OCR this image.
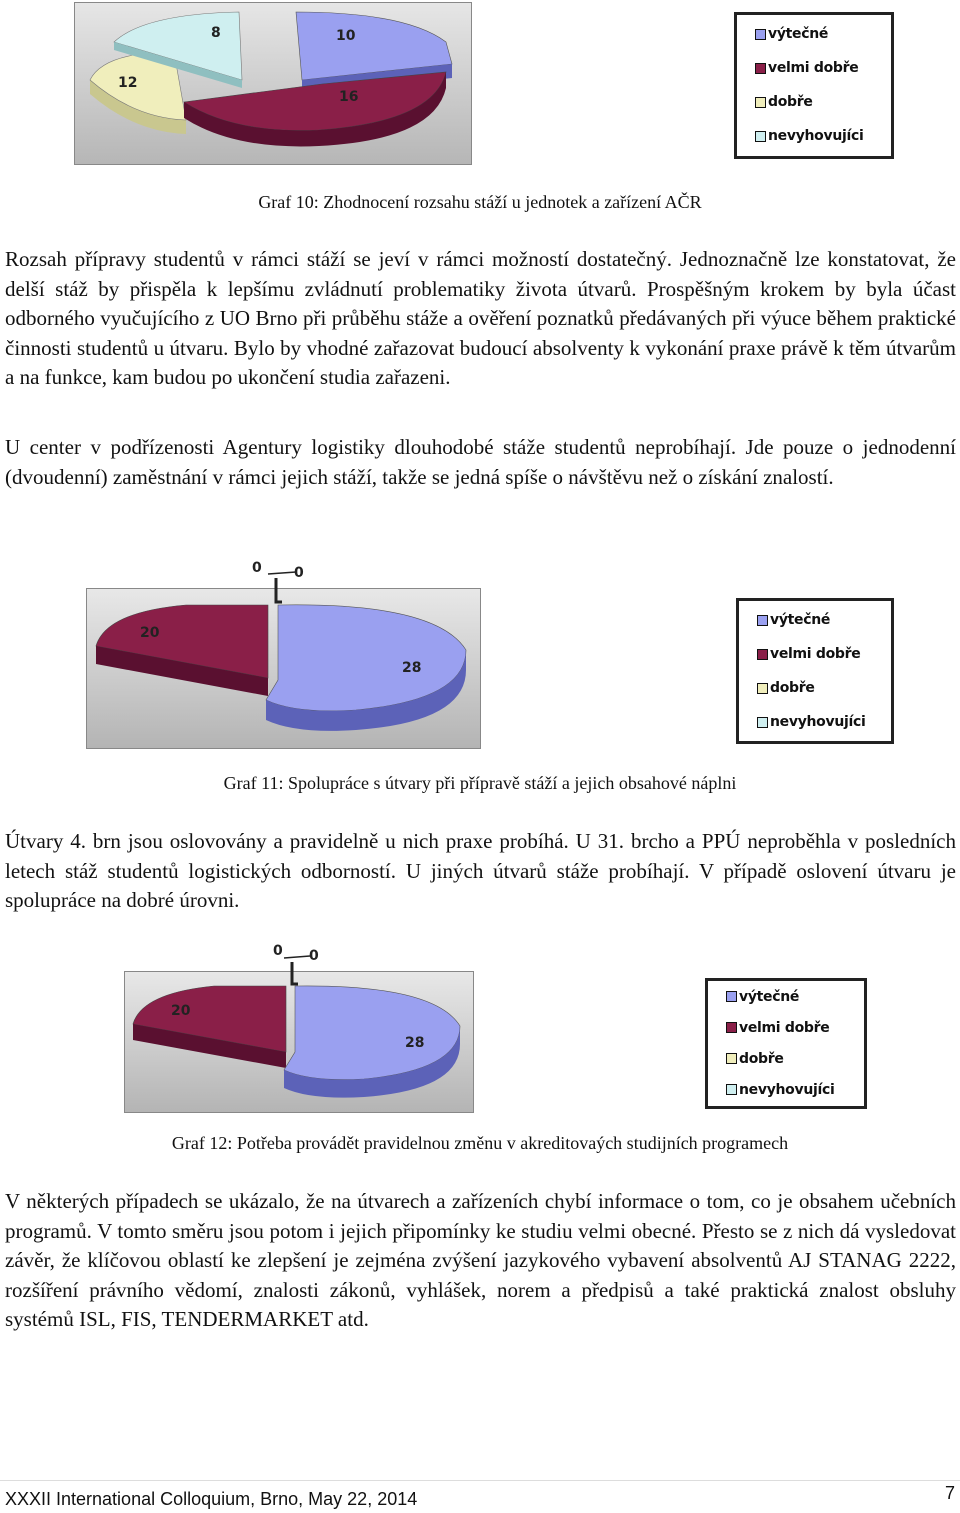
10
16
12
8	výtečné
velmi dobře
dobře
nevyhovujíci
Graf 10: Zhodnocení rozsahu stáží u jednotek a zařízení AČR

Rozsah přípravy studentů v rámci stáží se jeví v rámci možností dostatečný. Jednoznačně lze konstatovat, že delší stáž by přispěla k lepšímu zvládnutí problematiky života útvarů. Prospěšným krokem by byla účast odborného vyučujícího z UO Brno při průběhu stáže a ověření poznatků předávaných při výuce během praktické činnosti studentů u útvaru. Bylo by vhodné zařazovat budoucí absolventy k vykonání praxe právě k těm útvarům a na funkce, kam budou po ukončení studia zařazeni.

U center v podřízenosti Agentury logistiky dlouhodobé stáže studentů neprobíhají. Jde pouze o jednodenní (dvoudenní) zaměstnání v rámci jejich stáží, takže se jedná spíše o návštěvu než o získání znalostí.

28
20
0 0
výtečné
velmi dobře
dobře
nevyhovujíci
Graf 11: Spolupráce s útvary při přípravě stáží a jejich obsahové náplni

Útvary 4. brn jsou oslovovány a pravidelně u nich praxe probíhá. U 31. brcho a PPÚ neproběhla v posledních letech stáž studentů logistických odborností. U jiných útvarů stáže probíhají. V případě oslovení útvaru je spolupráce na dobré úrovni.

28
20
0 0
výtečné
velmi dobře
dobře
nevyhovujíci
Graf 12: Potřeba provádět pravidelnou změnu v akreditovaých studijních programech

V některých případech se ukázalo, že na útvarech a zařízeních chybí informace o tom, co je obsahem učebních programů. V tomto směru jsou potom i jejich připomínky ke studiu velmi obecné. Přesto se z nich dá vysledovat závěr, že klíčovou oblastí ke zlepšení je zejména zvýšení jazykového vybavení absolventů AJ STANAG 2222, rozšíření právního vědomí, znalosti zákonů, vyhlášek, norem a předpisů a také praktická znalost obsluhy systémů ISL, FIS, TENDERMARKET atd.

XXXII International Colloquium, Brno, May 22, 2014	7
